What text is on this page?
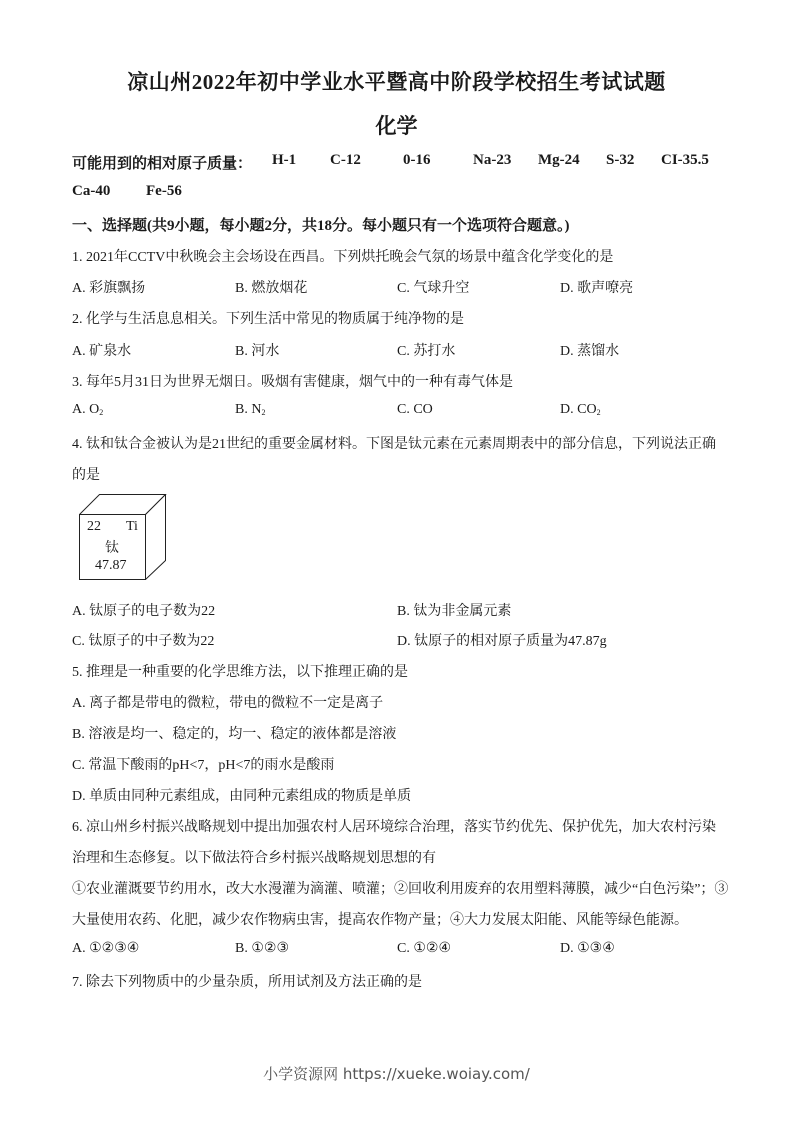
凉山州2022年初中学业水平暨高中阶段学校招生考试试题
化学
可能用到的相对原子质量： H-1 C-12	0-16	Na-23 Mg-24 S-32 CI-35.5
Ca-40 Fe-56
一、选择题(共9小题，每小题2分，共18分。每小题只有一个选项符合题意。)
1. 2021年CCTV中秋晚会主会场设在西昌。下列烘托晚会气氛的场景中蕴含化学变化的是
A. 彩旗飘扬	B. 燃放烟花	C. 气球升空	D. 歌声嘹亮
2. 化学与生活息息相关。下列生活中常见的物质属于纯净物的是
A. 矿泉水	B. 河水	C. 苏打水	D. 蒸馏水
3. 每年5月31日为世界无烟日。吸烟有害健康，烟气中的一种有毒气体是
A. $O_2$	B. $N_2$	C. CO	D. $CO_2$
4. 钛和钛合金被认为是21世纪的重要金属材料。下图是钛元素在元素周期表中的部分信息，下列说法正确
的是
22 Ti
钛
47.87
A. 钛原子的电子数为22	B. 钛为非金属元素
C. 钛原子的中子数为22	D. 钛原子的相对原子质量为47.87g
5. 推理是一种重要的化学思维方法，以下推理正确的是
A. 离子都是带电的微粒，带电的微粒不一定是离子
B. 溶液是均一、稳定的，均一、稳定的液体都是溶液
C. 常温下酸雨的pH<7，pH<7的雨水是酸雨
D. 单质由同种元素组成，由同种元素组成的物质是单质
6. 凉山州乡村振兴战略规划中提出加强农村人居环境综合治理，落实节约优先、保护优先，加大农村污染
治理和生态修复。以下做法符合乡村振兴战略规划思想的有
①农业灌溉要节约用水，改大水漫灌为滴灌、喷灌；②回收利用废弃的农用塑料薄膜，减少“白色污染”；③
大量使用农药、化肥，减少农作物病虫害，提高农作物产量；④大力发展太阳能、风能等绿色能源。
A. ①②③④	B. ①②③	C. ①②④	D. ①③④
7. 除去下列物质中的少量杂质，所用试剂及方法正确的是
小学资源网 https://xueke.woiay.com/
